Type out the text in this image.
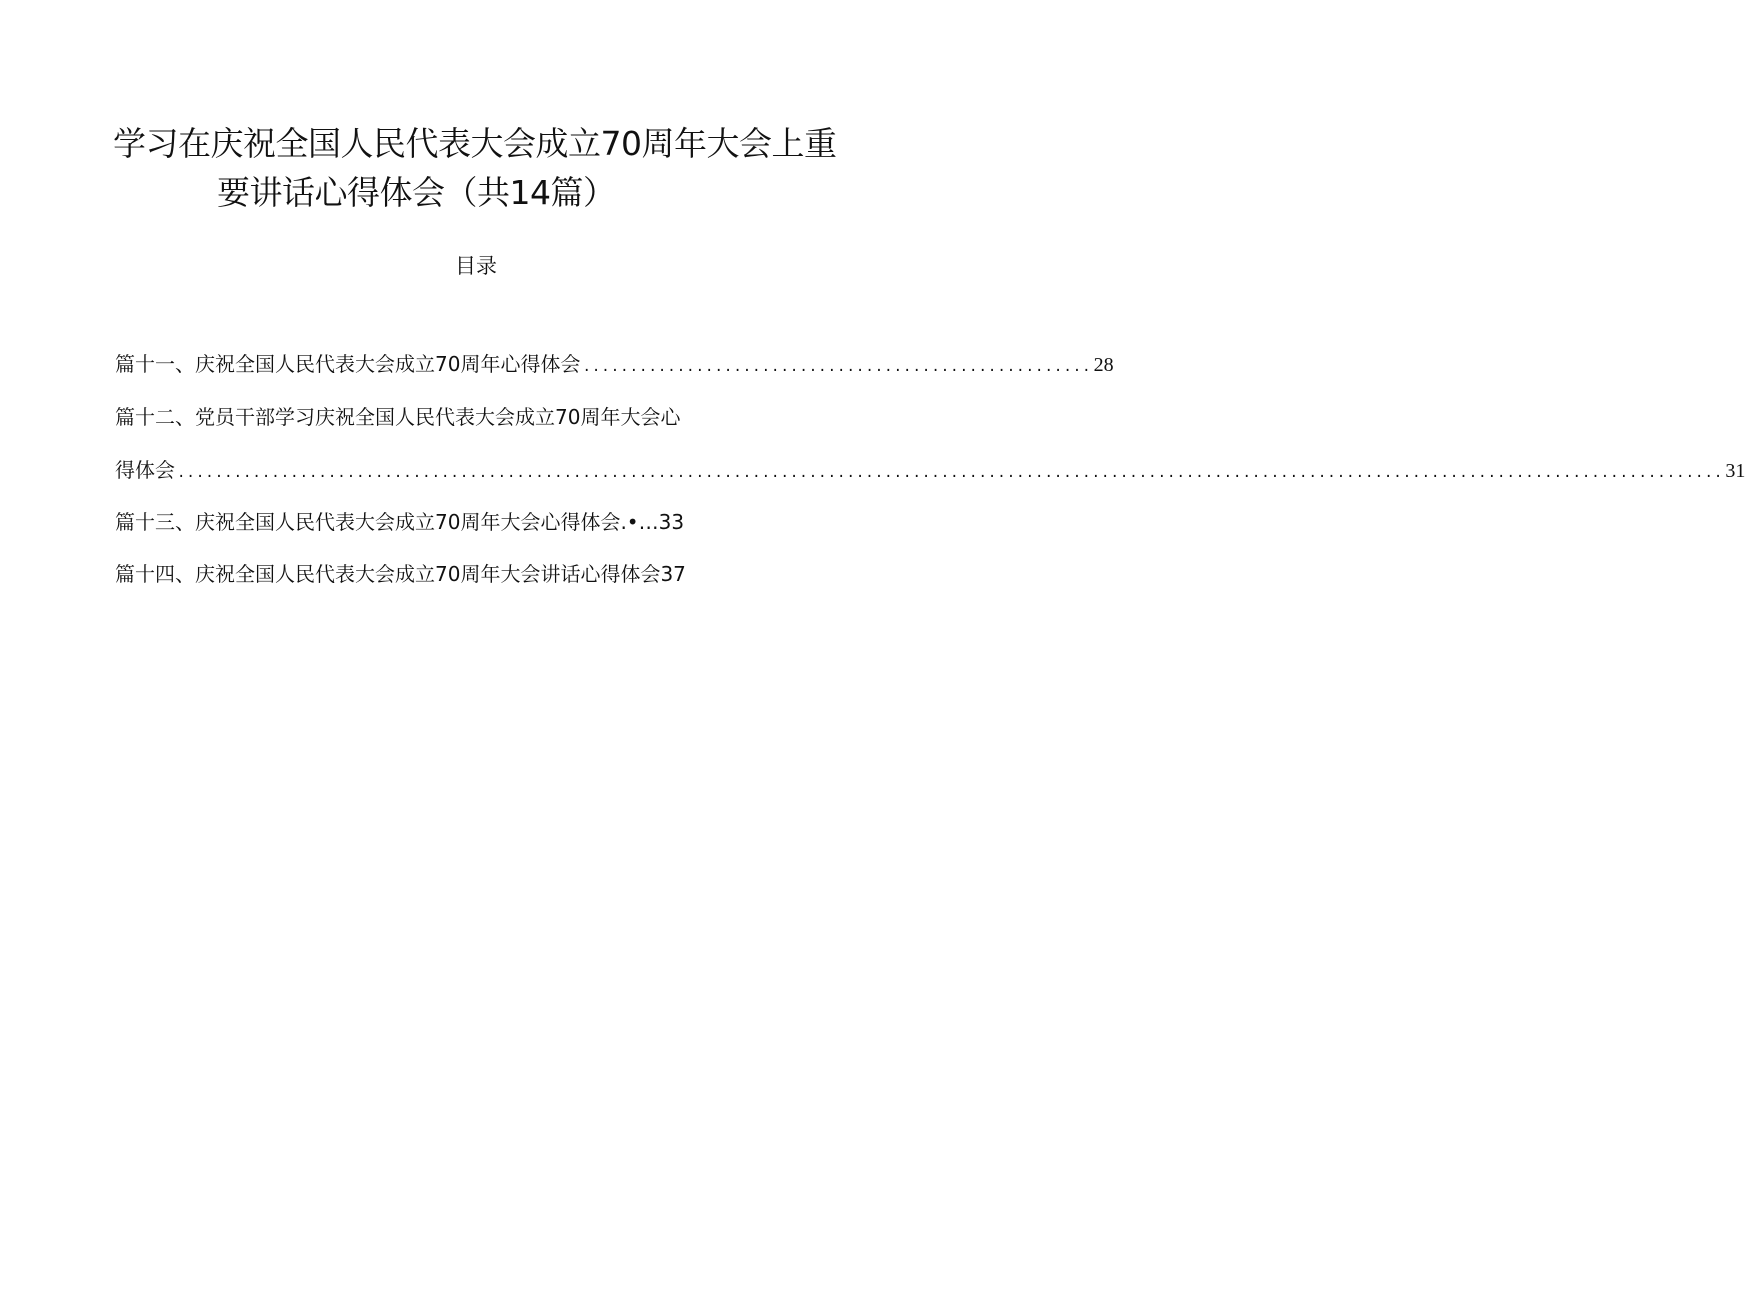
学习在庆祝全国人民代表大会成立70周年大会上重
要讲话心得体会（共14篇）
目录
篇十一、庆祝全国人民代表大会成立70周年心得体会 ...................................................... 28
篇十二、党员干部学习庆祝全国人民代表大会成立70周年大会心
得体会 .................................................................................................................................................................... 31
篇十三、庆祝全国人民代表大会成立70周年大会心得体会.•…33
篇十四、庆祝全国人民代表大会成立70周年大会讲话心得体会37
